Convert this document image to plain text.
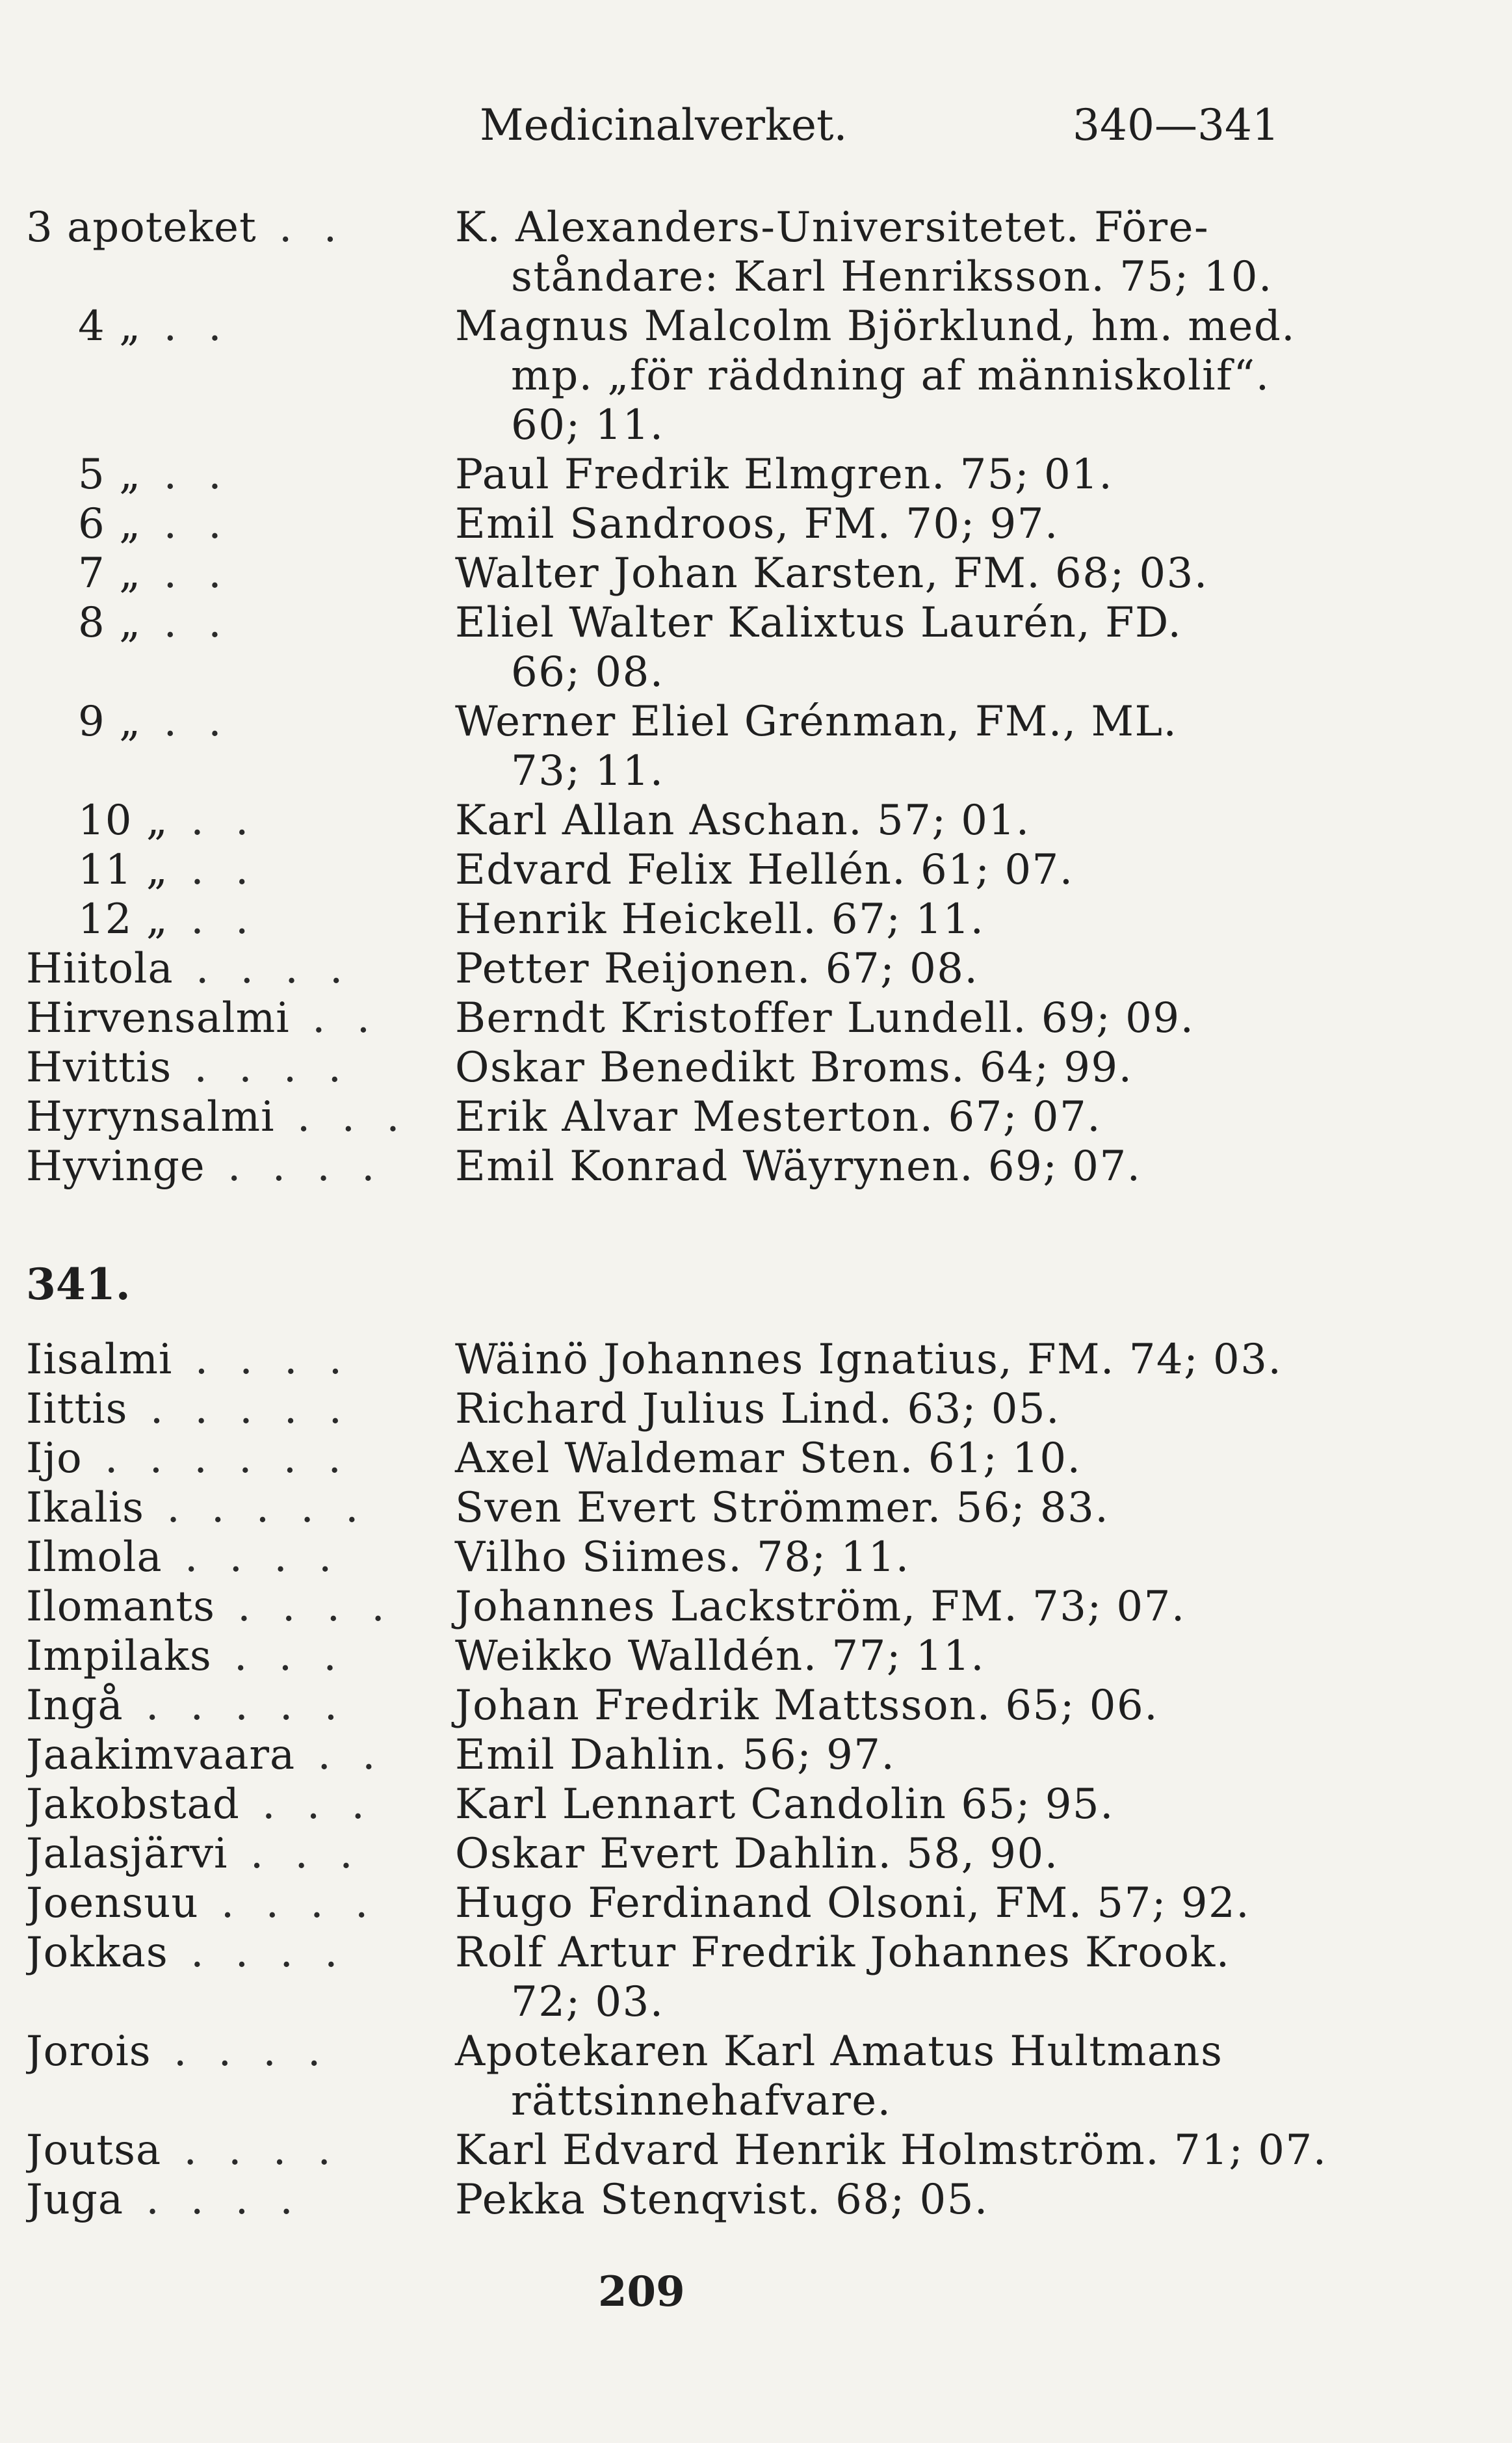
Medicinalverket.	340—341
3 apoteket . .	K. Alexanders-Universitetet. Före-
ståndare: Karl Henriksson. 75; 10.
4 „ . .	Magnus Malcolm Björklund, hm. med.
mp. „för räddning af människolif“.
60; 11.
5 „ . .	Paul Fredrik Elmgren. 75; 01.
6 „ . .	Emil Sandroos, FM. 70; 97.
7 „ . .	Walter Johan Karsten, FM. 68; 03.
8 „ . .	Eliel Walter Kalixtus Laurén, FD.
66; 08.
9 „ . .	Werner Eliel Grénman, FM., ML.
73; 11.
10 „ . .	Karl Allan Aschan. 57; 01.
11 „ . .	Edvard Felix Hellén. 61; 07.
12 „ . .	Henrik Heickell. 67; 11.
Hiitola . . . .	Petter Reijonen. 67; 08.
Hirvensalmi . .	Berndt Kristoffer Lundell. 69; 09.
Hvittis . . . .	Oskar Benedikt Broms. 64; 99.
Hyrynsalmi . . . Erik Alvar Mesterton. 67; 07.
Hyvinge . . . .	Emil Konrad Wäyrynen. 69; 07.
341.
Iisalmi . . . .	Wäinö Johannes Ignatius, FM. 74; 03.
Iittis . . . . .	Richard Julius Lind. 63; 05.
Ijo . . . . . .	Axel Waldemar Sten. 61; 10.
Ikalis . . . . .	Sven Evert Strömmer. 56; 83.
Ilmola . . . .	Vilho Siimes. 78; 11.
Ilomants . . . .	Johannes Lackström, FM. 73; 07.
Impilaks . . .	Weikko Walldén. 77; 11.
Ingå . . . . .	Johan Fredrik Mattsson. 65; 06.
Jaakimvaara . .	Emil Dahlin. 56; 97.
Jakobstad . . .	Karl Lennart Candolin 65; 95.
Jalasjärvi . . .	Oskar Evert Dahlin. 58, 90.
Joensuu . . . .	Hugo Ferdinand Olsoni, FM. 57; 92.
Jokkas . . . .	Rolf Artur Fredrik Johannes Krook.
72; 03.
Jorois . . . .	Apotekaren Karl Amatus Hultmans
rättsinnehafvare.
Joutsa . . . .	Karl Edvard Henrik Holmström. 71; 07.
Juga . . . .	Pekka Stenqvist. 68; 05.
209
